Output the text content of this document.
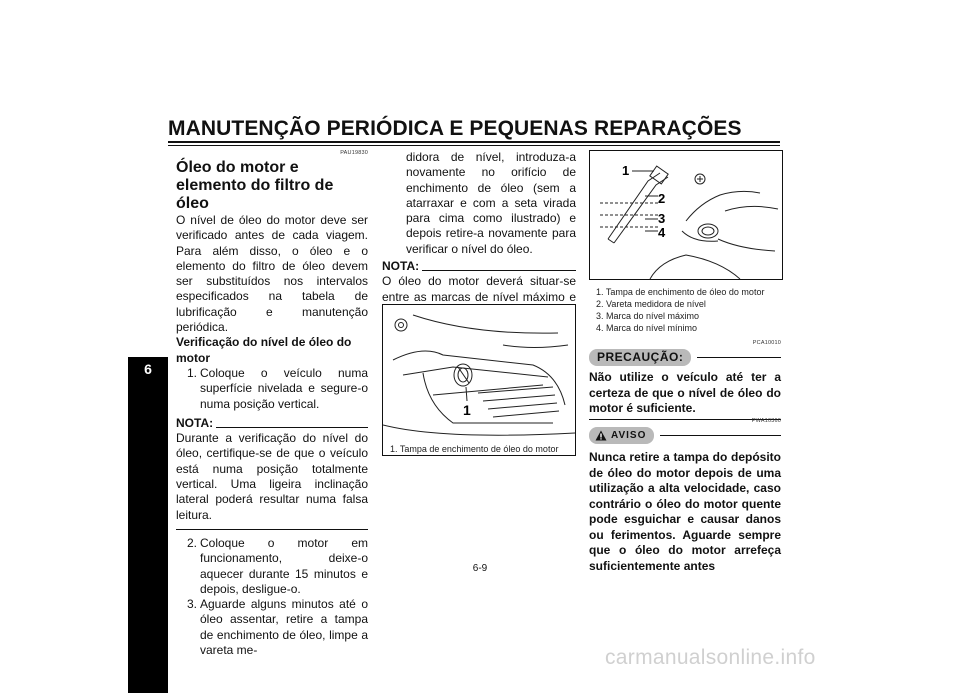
MANUTENÇÃO PERIÓDICA E PEQUENAS REPARAÇÕES
6
PAU19830
Óleo do motor e elemento do filtro de óleo

O nível de óleo do motor deve ser verificado antes de cada viagem. Para além disso, o óleo e o elemento do filtro de óleo devem ser substituídos nos intervalos especificados na tabela de lubrificação e manutenção periódica.

Verificação do nível de óleo do motor
1. Coloque o veículo numa superfície nivelada e segure-o numa posição vertical.
NOTA:

Durante a verificação do nível do óleo, certifique-se de que o veículo está numa posição totalmente vertical. Uma ligeira inclinação lateral poderá resultar numa falsa leitura.

2. Coloque o motor em funcionamento, deixe-o aquecer durante 15 minutos e depois, desligue-o.
3. Aguarde alguns minutos até o óleo assentar, retire a tampa de enchimento de óleo, limpe a vareta me-

didora de nível, introduza-a novamente no orifício de enchimento de óleo (sem a atarraxar e com a seta virada para cima como ilustrado) e depois retire-a novamente para verificar o nível do óleo.

NOTA:

O óleo do motor deverá situar-se entre as marcas de nível máximo e

1
1. Tampa de enchimento de óleo do motor
1
2
3
4
1. Tampa de enchimento de óleo do motor
2. Vareta medidora de nível
3. Marca do nível máximo
4. Marca do nível mínimo
PCA10010
PRECAUÇÃO:

Não utilize o veículo até ter a certeza de que o nível de óleo do motor é suficiente.

PWA10360
AVISO

Nunca retire a tampa do depósito de óleo do motor depois de uma utilização a alta velocidade, caso contrário o óleo do motor quente pode esguichar e causar danos ou ferimentos. Aguarde sempre que o óleo do motor arrefeça suficientemente antes

6-9
carmanualsonline.info
